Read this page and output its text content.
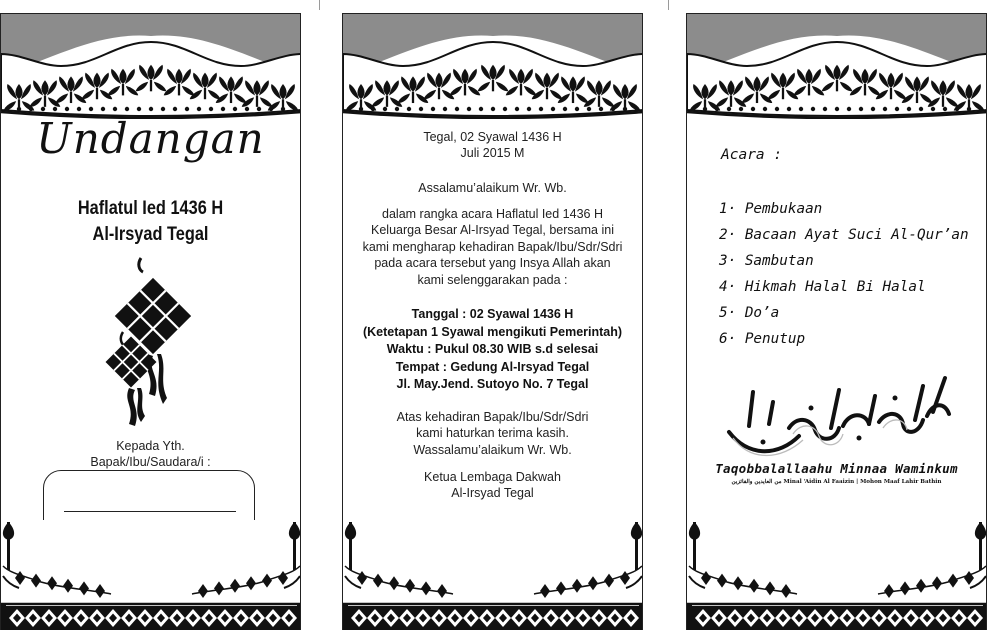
Undangan
Haflatul Ied 1436 H
Al-Irsyad Tegal
Kepada Yth.
Bapak/Ibu/Saudara/i :
Tegal, 02 Syawal 1436 H
Juli 2015 M
Assalamu’alaikum Wr. Wb.
dalam rangka acara Haflatul Ied 1436 H
Keluarga Besar Al-Irsyad Tegal, bersama ini
kami mengharap kehadiran Bapak/Ibu/Sdr/Sdri
pada acara tersebut yang Insya Allah akan
kami selenggarakan pada :
Tanggal : 02 Syawal 1436 H
(Ketetapan 1 Syawal mengikuti Pemerintah)
Waktu : Pukul 08.30 WIB s.d selesai
Tempat : Gedung Al-Irsyad Tegal
Jl. May.Jend. Sutoyo No. 7 Tegal
Atas kehadiran Bapak/Ibu/Sdr/Sdri
kami haturkan terima kasih.
Wassalamu’alaikum Wr. Wb.
Ketua Lembaga Dakwah
Al-Irsyad Tegal
Acara :
1· Pembukaan
2· Bacaan Ayat Suci Al-Qur’an
3· Sambutan
4· Hikmah Halal Bi Halal
5· Do’a
6· Penutup
Taqobbalallaahu Minnaa Waminkum
من العايدين والفائزين Minal ‘Aidin Al Faaizin | Mohon Maaf Lahir Bathin
